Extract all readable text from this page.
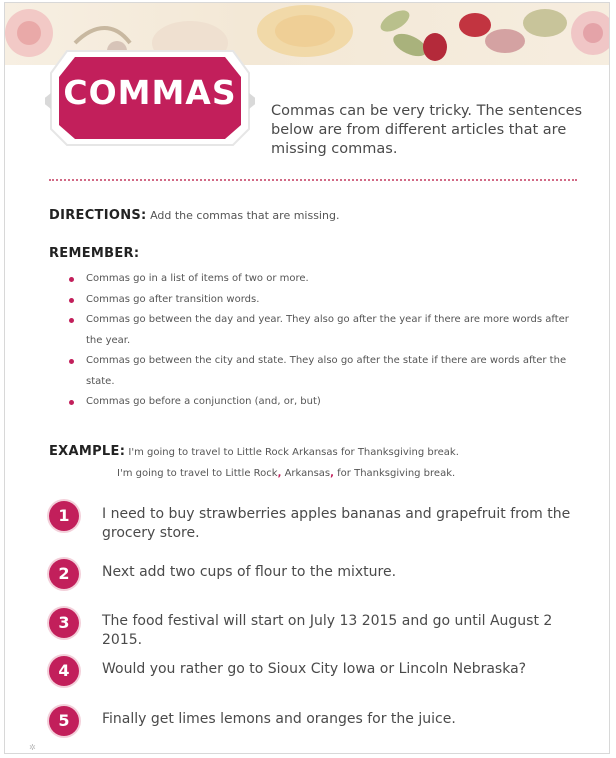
COMMAS	Commas can be very tricky. The sentences below are from different articles that are missing commas.
DIRECTIONS: Add the commas that are missing.
REMEMBER:
Commas go in a list of items of two or more.
Commas go after transition words.
Commas go between the day and year. They also go after the year if there are more words after the year.
Commas go between the city and state. They also go after the state if there are words after the state.
Commas go before a conjunction (and, or, but)
EXAMPLE: I'm going to travel to Little Rock Arkansas for Thanksgiving break.
I'm going to travel to Little Rock, Arkansas, for Thanksgiving break.
1	I need to buy strawberries apples bananas and grapefruit from the grocery store.
2	Next add two cups of flour to the mixture.
3	The food festival will start on July 13 2015 and go until August 2 2015.
4	Would you rather go to Sioux City Iowa or Lincoln Nebraska?
5	Finally get limes lemons and oranges for the juice.
✲
